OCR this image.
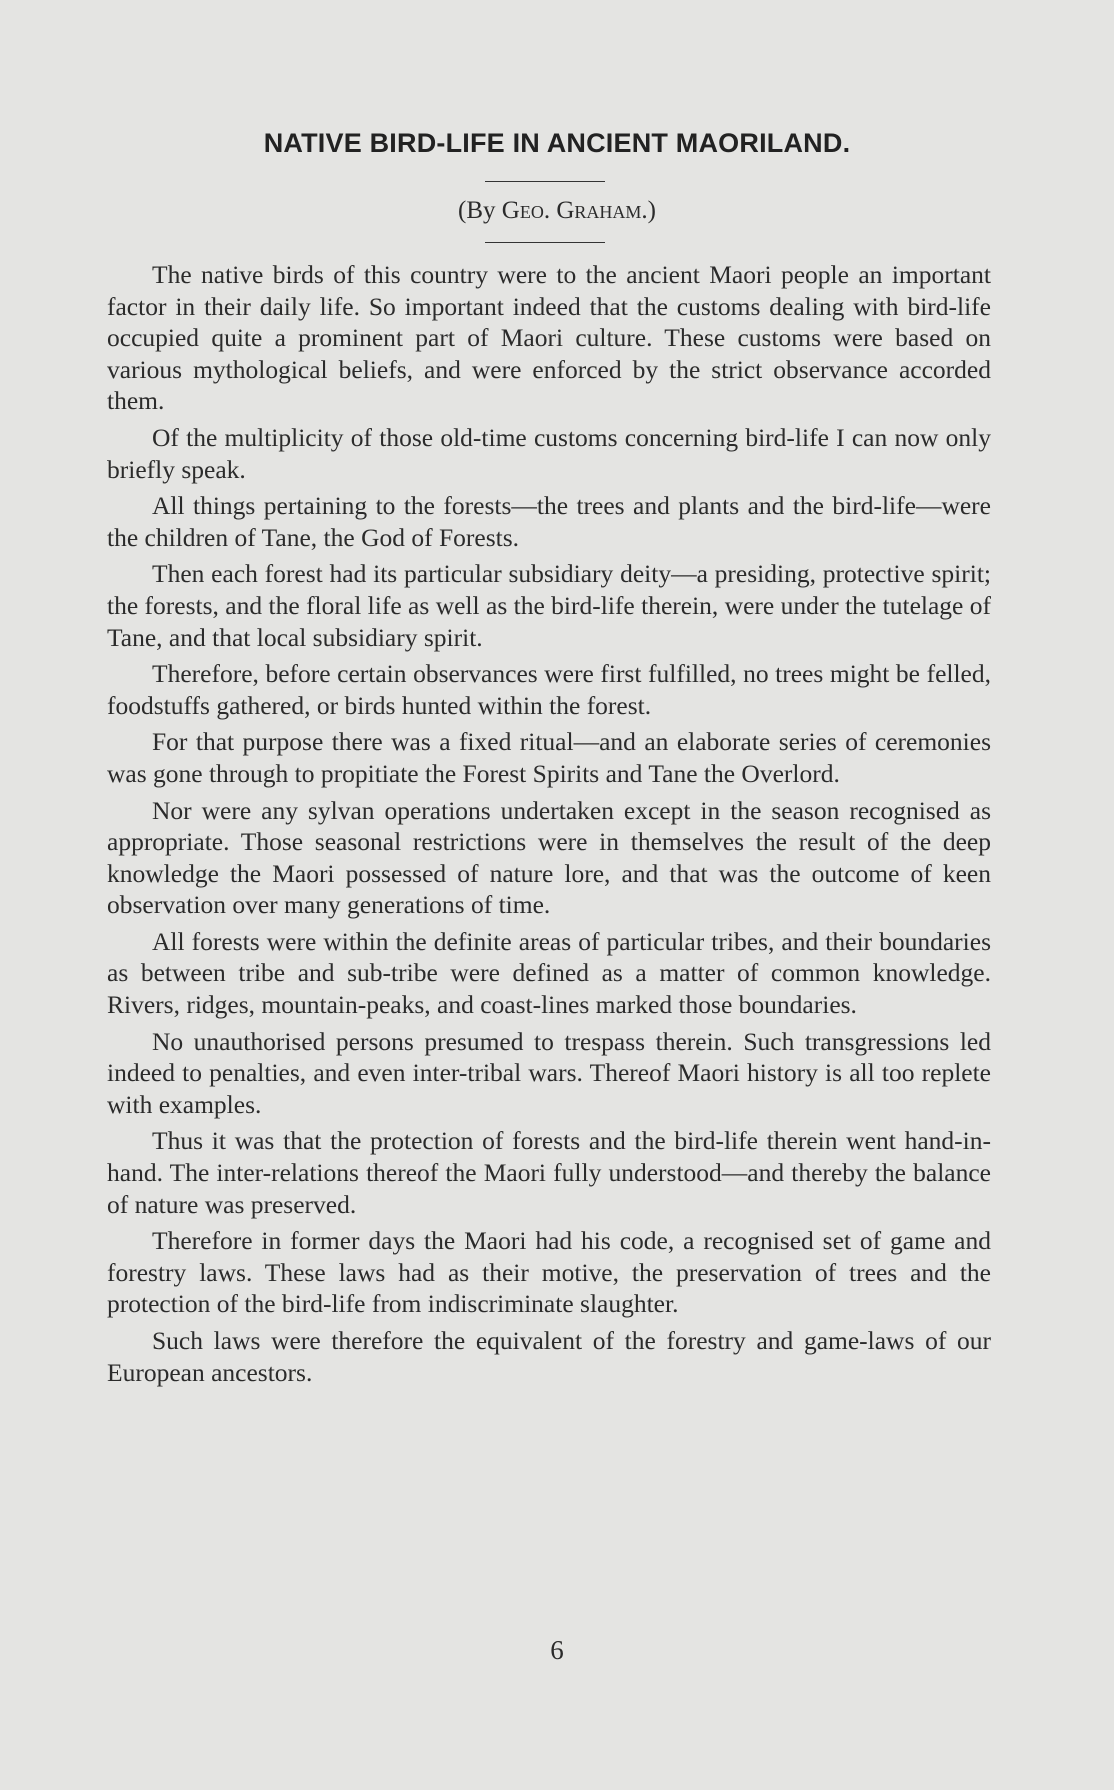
NATIVE BIRD-LIFE IN ANCIENT MAORILAND.
(By Geo. Graham.)

The native birds of this country were to the ancient Maori people an important factor in their daily life. So important indeed that the customs dealing with bird-life occupied quite a prominent part of Maori culture. These customs were based on various mythological beliefs, and were enforced by the strict observance accorded them.

Of the multiplicity of those old-time customs concerning bird-life I can now only briefly speak.

All things pertaining to the forests—the trees and plants and the bird-life—were the children of Tane, the God of Forests.

Then each forest had its particular subsidiary deity—a presiding, protective spirit; the forests, and the floral life as well as the bird-life therein, were under the tutelage of Tane, and that local subsidiary spirit.

Therefore, before certain observances were first fulfilled, no trees might be felled, foodstuffs gathered, or birds hunted within the forest.

For that purpose there was a fixed ritual—and an elaborate series of ceremonies was gone through to propitiate the Forest Spirits and Tane the Overlord.

Nor were any sylvan operations undertaken except in the season recognised as appropriate. Those seasonal restrictions were in themselves the result of the deep knowledge the Maori possessed of nature lore, and that was the outcome of keen observation over many generations of time.

All forests were within the definite areas of particular tribes, and their boundaries as between tribe and sub-tribe were defined as a matter of common knowledge. Rivers, ridges, mountain-peaks, and coast-lines marked those boundaries.

No unauthorised persons presumed to trespass therein. Such transgressions led indeed to penalties, and even inter-tribal wars. Thereof Maori history is all too replete with examples.

Thus it was that the protection of forests and the bird-life therein went hand-in-hand. The inter-relations thereof the Maori fully understood—and thereby the balance of nature was preserved.

Therefore in former days the Maori had his code, a recognised set of game and forestry laws. These laws had as their motive, the preservation of trees and the protection of the bird-life from indiscriminate slaughter.

Such laws were therefore the equivalent of the forestry and game-laws of our European ancestors.

6
